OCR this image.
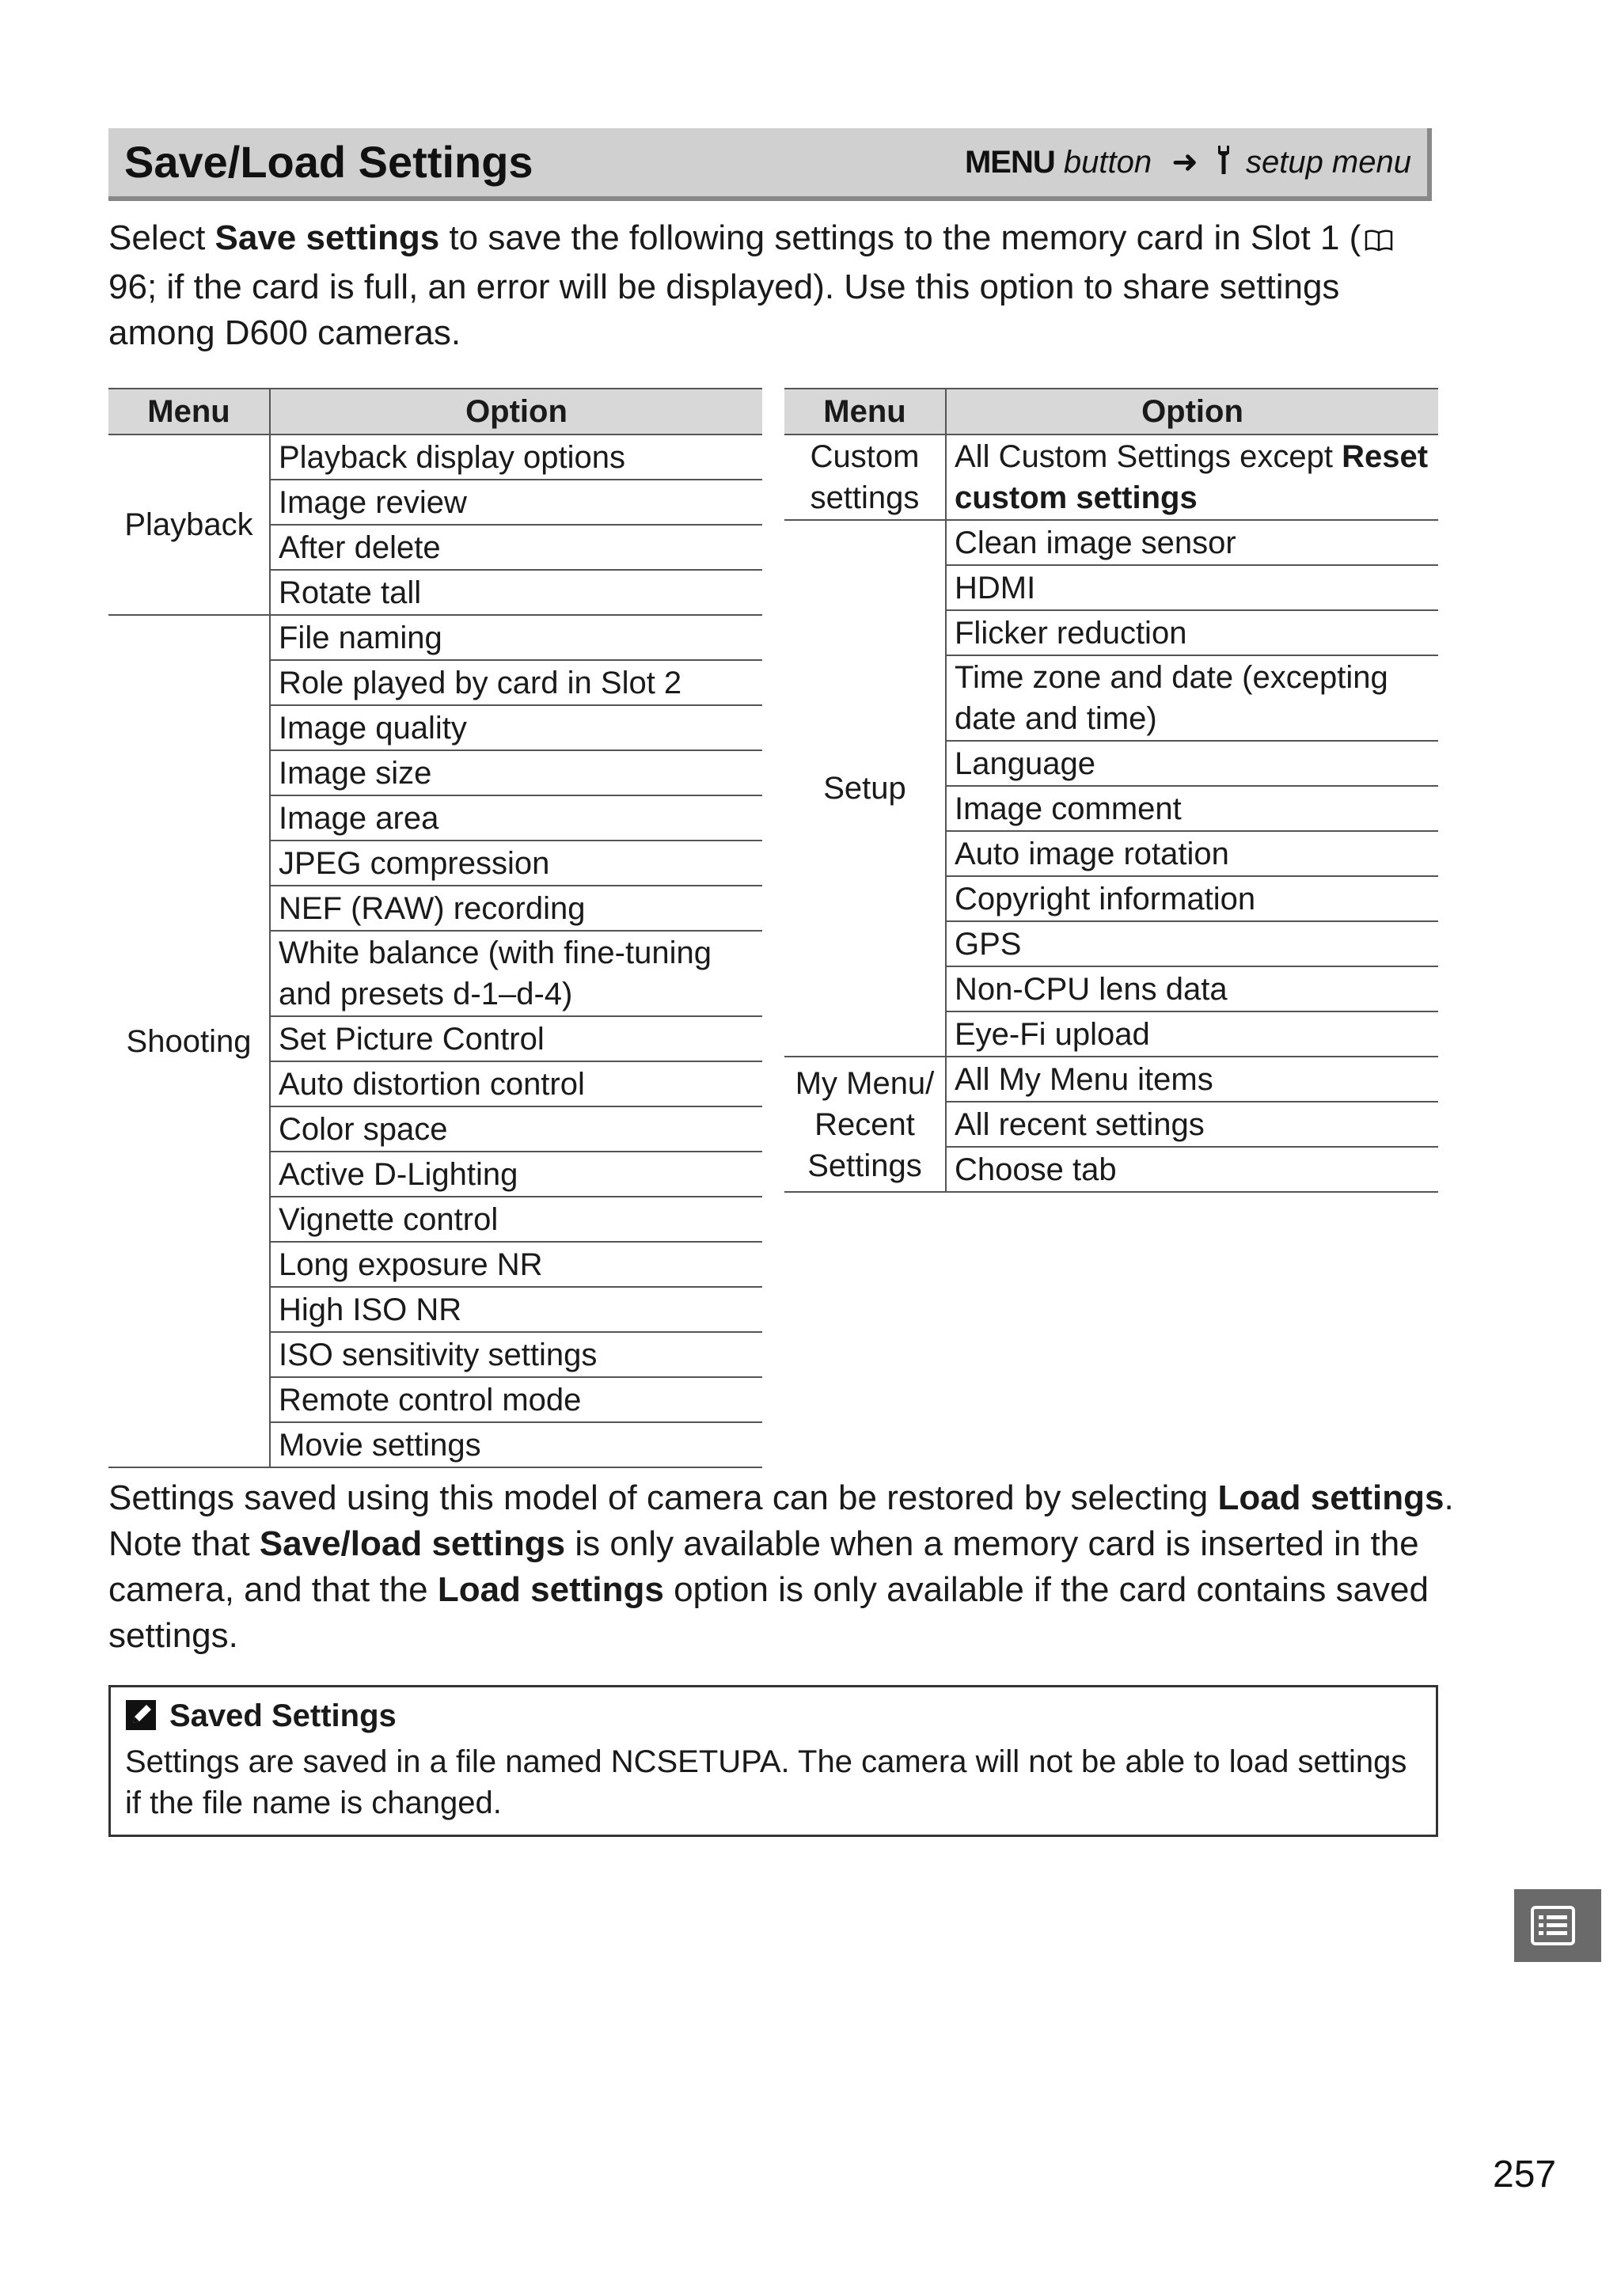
Save/Load Settings	MENU button ➜ setup menu
Select Save settings to save the following settings to the memory card in Slot 1 ( 96; if the card is full, an error will be displayed). Use this option to share settings among D600 cameras.
Menu	Option
Playback	Playback display options
	Image review
	After delete
	Rotate tall
Shooting	File naming
	Role played by card in Slot 2
	Image quality
	Image size
	Image area
	JPEG compression
	NEF (RAW) recording
	White balance (with fine-tuning and presets d-1–d-4)
	Set Picture Control
	Auto distortion control
	Color space
	Active D-Lighting
	Vignette control
	Long exposure NR
	High ISO NR
	ISO sensitivity settings
	Remote control mode
	Movie settings
Menu	Option
Custom settings	All Custom Settings except Reset custom settings
Setup	Clean image sensor
	HDMI
	Flicker reduction
	Time zone and date (excepting date and time)
	Language
	Image comment
	Auto image rotation
	Copyright information
	GPS
	Non-CPU lens data
	Eye-Fi upload
My Menu/ Recent Settings	All My Menu items
	All recent settings
	Choose tab
Settings saved using this model of camera can be restored by selecting Load settings. Note that Save/load settings is only available when a memory card is inserted in the camera, and that the Load settings option is only available if the card contains saved settings.
Saved Settings
Settings are saved in a file named NCSETUPA. The camera will not be able to load settings if the file name is changed.
257
